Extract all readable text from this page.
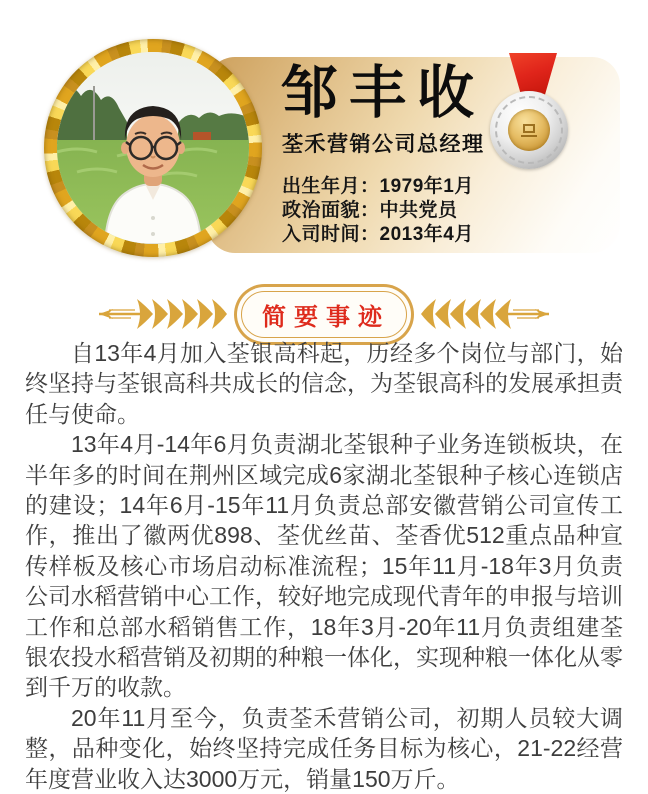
邹丰收
荃禾营销公司总经理
出生年月：1979年1月
政治面貌：中共党员
入司时间：2013年4月
简要事迹

自13年4月加入荃银高科起，历经多个岗位与部门，始终坚持与荃银高科共成长的信念，为荃银高科的发展承担责任与使命。

13年4月-14年6月负责湖北荃银种子业务连锁板块，在半年多的时间在荆州区域完成6家湖北荃银种子核心连锁店的建设；14年6月-15年11月负责总部安徽营销公司宣传工作，推出了徽两优898、荃优丝苗、荃香优512重点品种宣传样板及核心市场启动标准流程；15年11月-18年3月负责公司水稻营销中心工作，较好地完成现代青年的申报与培训工作和总部水稻销售工作，18年3月-20年11月负责组建荃银农投水稻营销及初期的种粮一体化，实现种粮一体化从零到千万的收款。

20年11月至今，负责荃禾营销公司，初期人员较大调整，品种变化，始终坚持完成任务目标为核心，21-22经营年度营业收入达3000万元，销量150万斤。
